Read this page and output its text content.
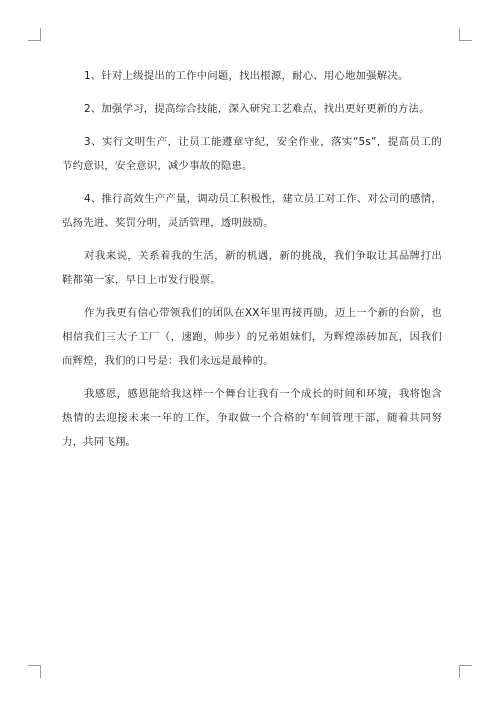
1、针对上级提出的工作中问题，找出根源，耐心、用心地加强解决。

2、加强学习，提高综合技能，深入研究工艺难点，找出更好更新的方法。

3、实行文明生产，让员工能遵章守纪，安全作业，落实“5s”，提高员工的节约意识，安全意识，减少事故的隐患。

4、推行高效生产产量，调动员工积极性，建立员工对工作、对公司的感情，弘扬先进、奖罚分明，灵活管理，透明鼓励。

对我来说，关系着我的生活，新的机遇，新的挑战，我们争取让其品牌打出鞋都第一家，早日上市发行股票。

作为我更有信心带领我们的团队在XX年里再接再励，迈上一个新的台阶，也相信我们三大子工厂（，速跑，帅步）的兄弟姐妹们，为辉煌添砖加瓦，因我们而辉煌，我们的口号是：我们永远是最棒的。

我感恩，感恩能给我这样一个舞台让我有一个成长的时间和环境，我将饱含热情的去迎接未来一年的工作，争取做一个合格的'车间管理干部，随着共同努力，共同飞翔。
